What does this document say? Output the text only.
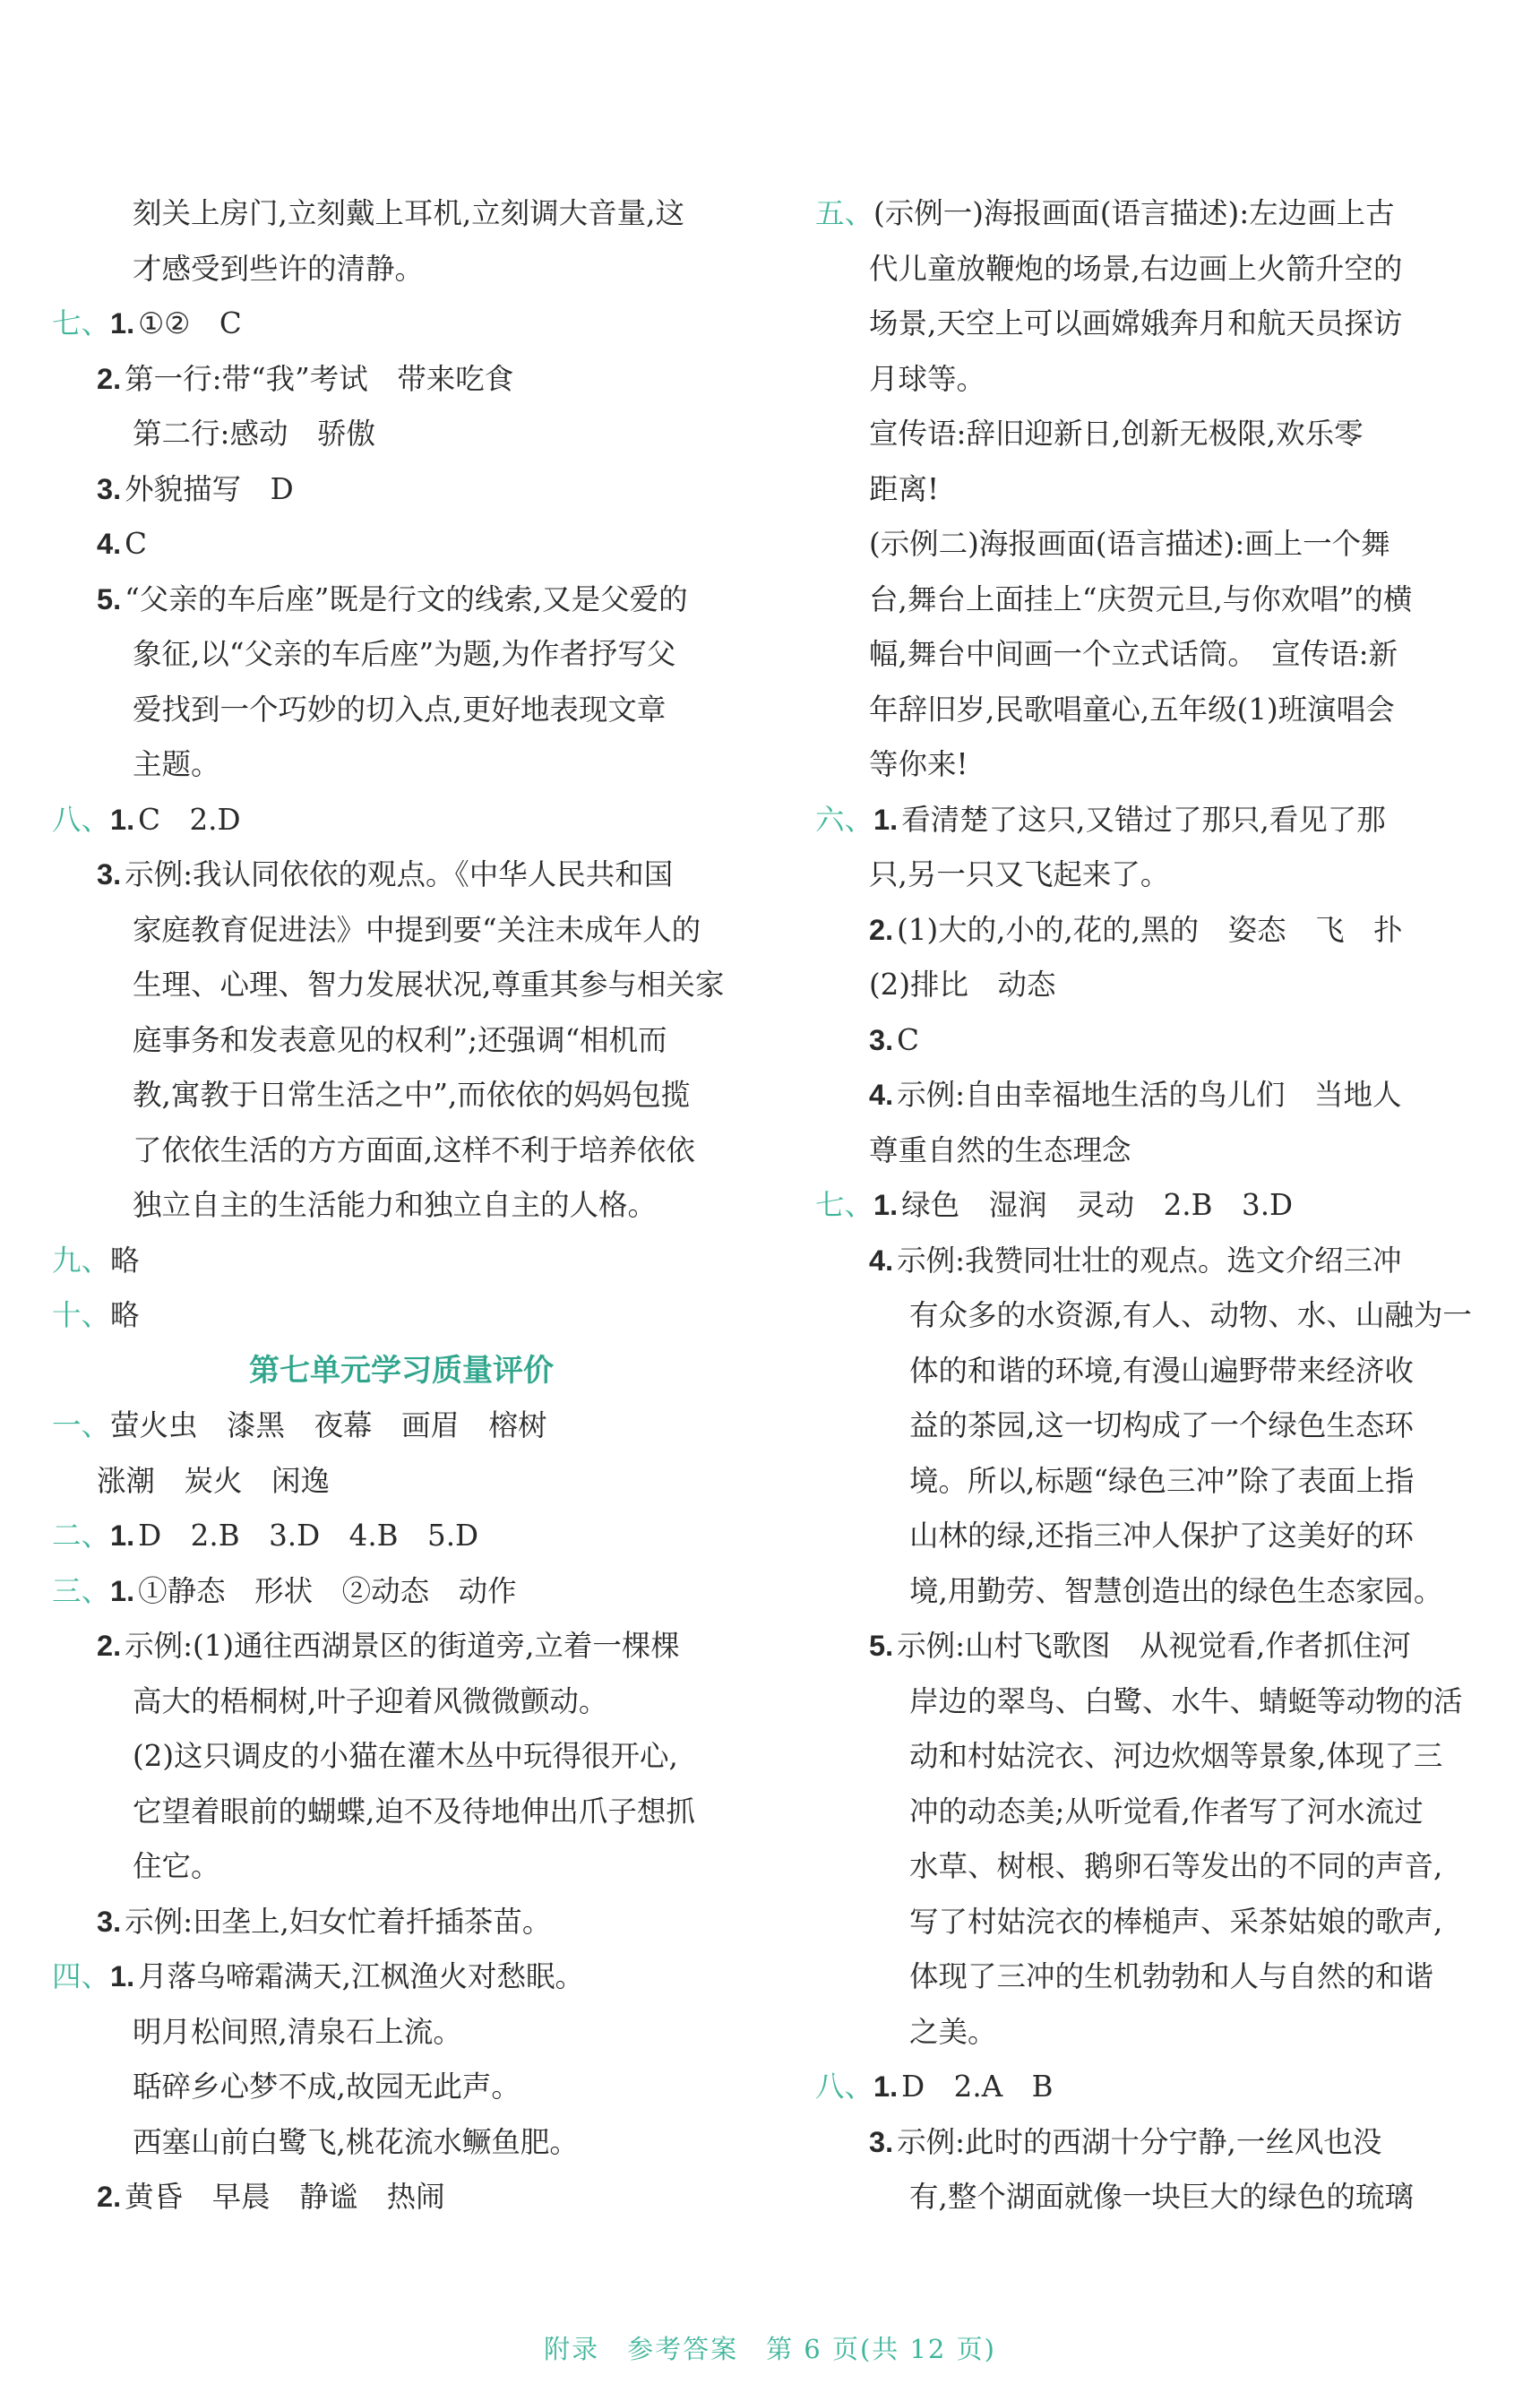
刻关上房门,立刻戴上耳机,立刻调大音量,这
才感受到些许的清静。
七、1. ①②　C
2. 第一行:带“我”考试　带来吃食
第二行:感动　骄傲
3. 外貌描写　D
4. C
5. “父亲的车后座”既是行文的线索,又是父爱的
象征,以“父亲的车后座”为题,为作者抒写父
爱找到一个巧妙的切入点,更好地表现文章
主题。
八、1. C　2.D
3. 示例:我认同依依的观点。《中华人民共和国
家庭教育促进法》中提到要“关注未成年人的
生理、心理、智力发展状况,尊重其参与相关家
庭事务和发表意见的权利”;还强调“相机而
教,寓教于日常生活之中”,而依依的妈妈包揽
了依依生活的方方面面,这样不利于培养依依
独立自主的生活能力和独立自主的人格。
九、略
十、略
第七单元学习质量评价
一、萤火虫　漆黑　夜幕　画眉　榕树
涨潮　炭火　闲逸
二、1. D　2.B　3.D　4.B　5.D
三、1. ①静态　形状　②动态　动作
2. 示例:(1)通往西湖景区的街道旁,立着一棵棵
高大的梧桐树,叶子迎着风微微颤动。
(2)这只调皮的小猫在灌木丛中玩得很开心,
它望着眼前的蝴蝶,迫不及待地伸出爪子想抓
住它。
3. 示例:田垄上,妇女忙着扦插茶苗。
四、1. 月落乌啼霜满天,江枫渔火对愁眠。
明月松间照,清泉石上流。
聒碎乡心梦不成,故园无此声。
西塞山前白鹭飞,桃花流水鳜鱼肥。
2. 黄昏　早晨　静谧　热闹
五、(示例一)海报画面(语言描述):左边画上古
代儿童放鞭炮的场景,右边画上火箭升空的
场景,天空上可以画嫦娥奔月和航天员探访
月球等。
宣传语:辞旧迎新日,创新无极限,欢乐零
距离!
(示例二)海报画面(语言描述):画上一个舞
台,舞台上面挂上“庆贺元旦,与你欢唱”的横
幅,舞台中间画一个立式话筒。　宣传语:新
年辞旧岁,民歌唱童心,五年级(1)班演唱会
等你来!
六、1. 看清楚了这只,又错过了那只,看见了那
只,另一只又飞起来了。
2. (1)大的,小的,花的,黑的　姿态　飞　扑
(2)排比　动态
3. C
4. 示例:自由幸福地生活的鸟儿们　当地人
尊重自然的生态理念
七、1. 绿色　湿润　灵动　2.B　3.D
4. 示例:我赞同壮壮的观点。选文介绍三冲
有众多的水资源,有人、动物、水、山融为一
体的和谐的环境,有漫山遍野带来经济收
益的茶园,这一切构成了一个绿色生态环
境。所以,标题“绿色三冲”除了表面上指
山林的绿,还指三冲人保护了这美好的环
境,用勤劳、智慧创造出的绿色生态家园。
5. 示例:山村飞歌图　从视觉看,作者抓住河
岸边的翠鸟、白鹭、水牛、蜻蜓等动物的活
动和村姑浣衣、河边炊烟等景象,体现了三
冲的动态美;从听觉看,作者写了河水流过
水草、树根、鹅卵石等发出的不同的声音,
写了村姑浣衣的棒槌声、采茶姑娘的歌声,
体现了三冲的生机勃勃和人与自然的和谐
之美。
八、1. D　2.A　B
3. 示例:此时的西湖十分宁静,一丝风也没
有,整个湖面就像一块巨大的绿色的琉璃
附录　参考答案　第 6 页(共 12 页)
